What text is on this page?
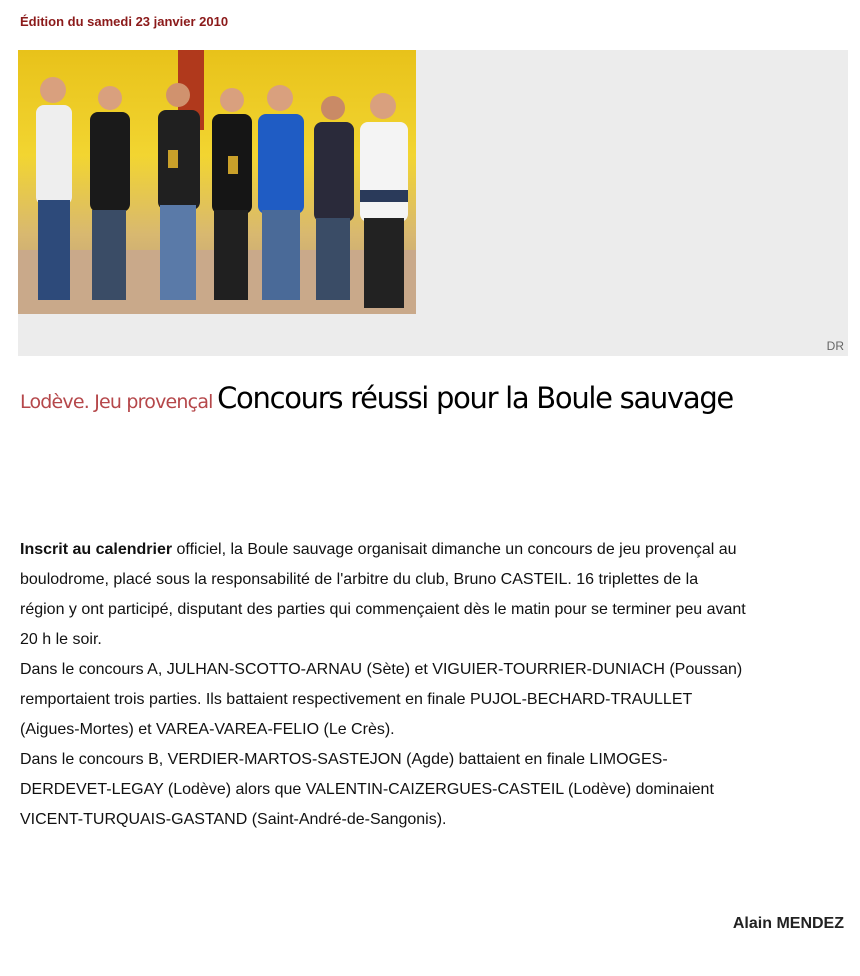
Édition du samedi 23 janvier 2010
DR
Lodève. Jeu provençal Concours réussi pour la Boule sauvage
Inscrit au calendrier officiel, la Boule sauvage organisait dimanche un concours de jeu provençal au
boulodrome, placé sous la responsabilité de l'arbitre du club, Bruno CASTEIL. 16 triplettes de la
région y ont participé, disputant des parties qui commençaient dès le matin pour se terminer peu avant
20 h le soir.
Dans le concours A, JULHAN-SCOTTO-ARNAU (Sète) et VIGUIER-TOURRIER-DUNIACH (Poussan)
remportaient trois parties. Ils battaient respectivement en finale PUJOL-BECHARD-TRAULLET
(Aigues-Mortes) et VAREA-VAREA-FELIO (Le Crès).
Dans le concours B, VERDIER-MARTOS-SASTEJON (Agde) battaient en finale LIMOGES-
DERDEVET-LEGAY (Lodève) alors que VALENTIN-CAIZERGUES-CASTEIL (Lodève) dominaient
VICENT-TURQUAIS-GASTAND (Saint-André-de-Sangonis).
Alain MENDEZ
